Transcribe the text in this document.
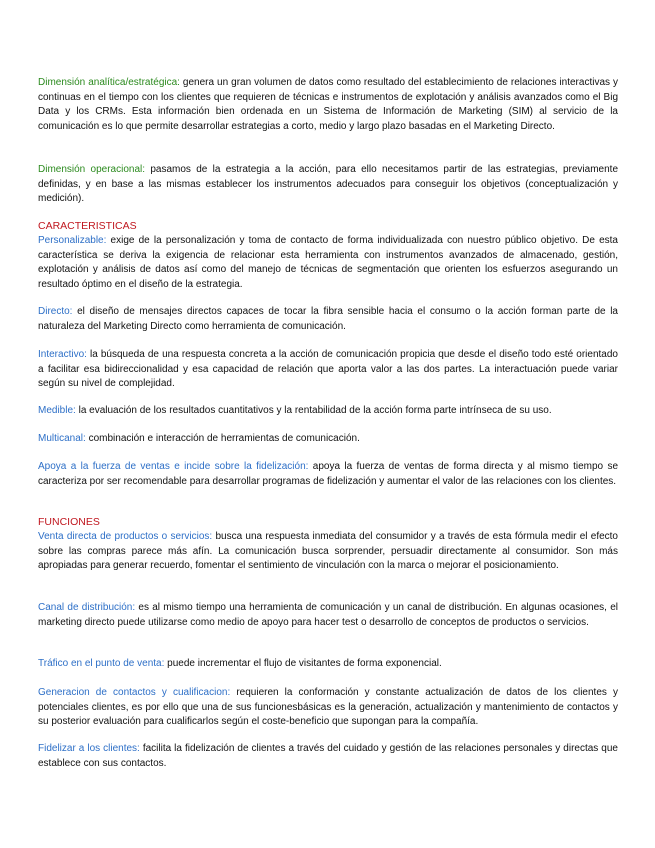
Dimensión analítica/estratégica: genera un gran volumen de datos como resultado del establecimiento de relaciones interactivas y continuas en el tiempo con los clientes que requieren de técnicas e instrumentos de explotación y análisis avanzados como el Big Data y los CRMs. Esta información bien ordenada en un Sistema de Información de Marketing (SIM) al servicio de la comunicación es lo que permite desarrollar estrategias a corto, medio y largo plazo basadas en el Marketing Directo.
Dimensión operacional: pasamos de la estrategia a la acción, para ello necesitamos partir de las estrategias, previamente definidas, y en base a las mismas establecer los instrumentos adecuados para conseguir los objetivos (conceptualización y medición).
CARACTERISTICAS
Personalizable: exige de la personalización y toma de contacto de forma individualizada con nuestro público objetivo. De esta característica se deriva la exigencia de relacionar esta herramienta con instrumentos avanzados de almacenado, gestión, explotación y análisis de datos así como del manejo de técnicas de segmentación que orienten los esfuerzos asegurando un resultado óptimo en el diseño de la estrategia.
Directo: el diseño de mensajes directos capaces de tocar la fibra sensible hacia el consumo o la acción forman parte de la naturaleza del Marketing Directo como herramienta de comunicación.
Interactivo: la búsqueda de una respuesta concreta a la acción de comunicación propicia que desde el diseño todo esté orientado a facilitar esa bidireccionalidad y esa capacidad de relación que aporta valor a las dos partes. La interactuación puede variar según su nivel de complejidad.
Medible: la evaluación de los resultados cuantitativos y la rentabilidad de la acción forma parte intrínseca de su uso.
Multicanal: combinación e interacción de herramientas de comunicación.
Apoya a la fuerza de ventas e incide sobre la fidelización: apoya la fuerza de ventas de forma directa y al mismo tiempo se caracteriza por ser recomendable para desarrollar programas de fidelización y aumentar el valor de las relaciones con los clientes.
FUNCIONES
Venta directa de productos o servicios: busca una respuesta inmediata del consumidor y a través de esta fórmula medir el efecto sobre las compras parece más afín. La comunicación busca sorprender, persuadir directamente al consumidor. Son más apropiadas para generar recuerdo, fomentar el sentimiento de vinculación con la marca o mejorar el posicionamiento.
Canal de distribución: es al mismo tiempo una herramienta de comunicación y un canal de distribución. En algunas ocasiones, el marketing directo puede utilizarse como medio de apoyo para hacer test o desarrollo de conceptos de productos o servicios.
Tráfico en el punto de venta: puede incrementar el flujo de visitantes de forma exponencial.
Generacion de contactos y cualificacion: requieren la conformación y constante actualización de datos de los clientes y potenciales clientes, es por ello que una de sus funcionesbásicas es la generación, actualización y mantenimiento de contactos y su posterior evaluación para cualificarlos según el coste-beneficio que supongan para la compañía.
Fidelizar a los clientes: facilita la fidelización de clientes a través del cuidado y gestión de las relaciones personales y directas que establece con sus contactos.
